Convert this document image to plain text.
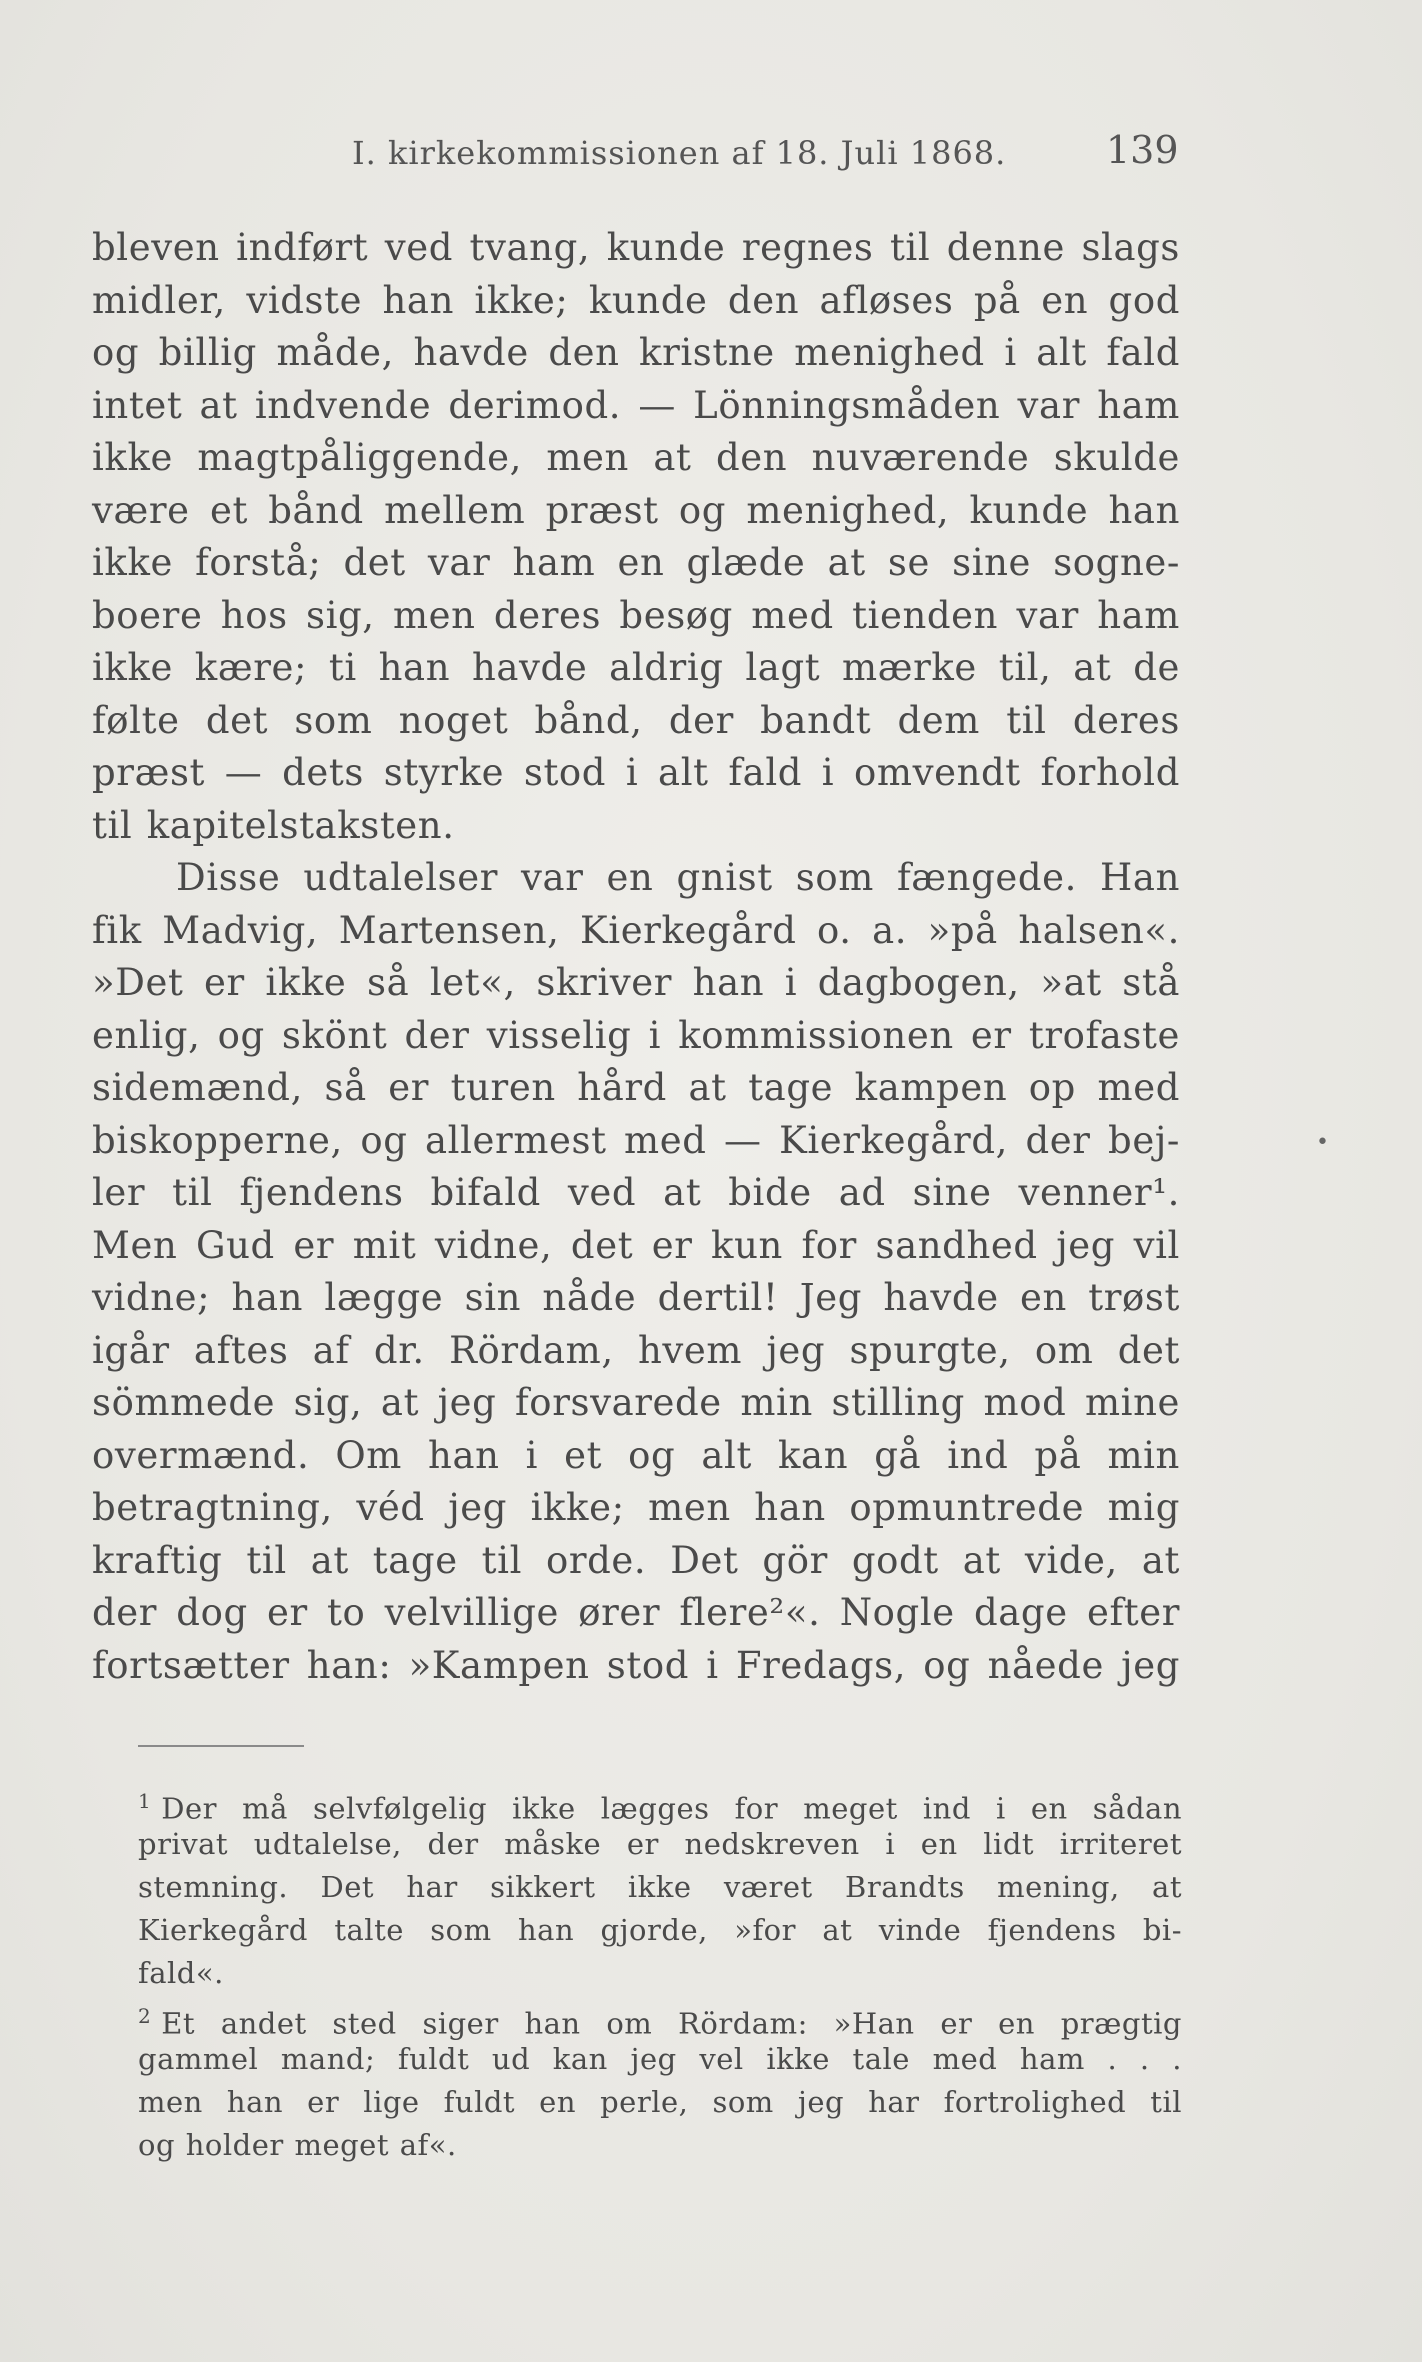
I. kirkekommissionen af 18. Juli 1868.	139
bleven indført ved tvang, kunde regnes til denne slags
midler, vidste han ikke; kunde den afløses på en god
og billig måde, havde den kristne menighed i alt fald
intet at indvende derimod. — Lönningsmåden var ham
ikke magtpåliggende, men at den nuværende skulde
være et bånd mellem præst og menighed, kunde han
ikke forstå; det var ham en glæde at se sine sogne-
boere hos sig, men deres besøg med tienden var ham
ikke kære; ti han havde aldrig lagt mærke til, at de
følte det som noget bånd, der bandt dem til deres
præst — dets styrke stod i alt fald i omvendt forhold
til kapitelstaksten.
Disse udtalelser var en gnist som fængede. Han
fik Madvig, Martensen, Kierkegård o. a. »på halsen«.
»Det er ikke så let«, skriver han i dagbogen, »at stå
enlig, og skönt der visselig i kommissionen er trofaste
sidemænd, så er turen hård at tage kampen op med
biskopperne, og allermest med — Kierkegård, der bej-
ler til fjendens bifald ved at bide ad sine venner¹.
Men Gud er mit vidne, det er kun for sandhed jeg vil
vidne; han lægge sin nåde dertil! Jeg havde en trøst
igår aftes af dr. Rördam, hvem jeg spurgte, om det
sömmede sig, at jeg forsvarede min stilling mod mine
overmænd. Om han i et og alt kan gå ind på min
betragtning, véd jeg ikke; men han opmuntrede mig
kraftig til at tage til orde. Det gör godt at vide, at
der dog er to velvillige ører flere²«. Nogle dage efter
fortsætter han: »Kampen stod i Fredags, og nåede jeg
$^1$ Der må selvfølgelig ikke lægges for meget ind i en sådan
privat udtalelse, der måske er nedskreven i en lidt irriteret
stemning. Det har sikkert ikke været Brandts mening, at
Kierkegård talte som han gjorde, »for at vinde fjendens bi-
fald«.
$^2$ Et andet sted siger han om Rördam: »Han er en prægtig
gammel mand; fuldt ud kan jeg vel ikke tale med ham . . .
men han er lige fuldt en perle, som jeg har fortrolighed til
og holder meget af«.
•
